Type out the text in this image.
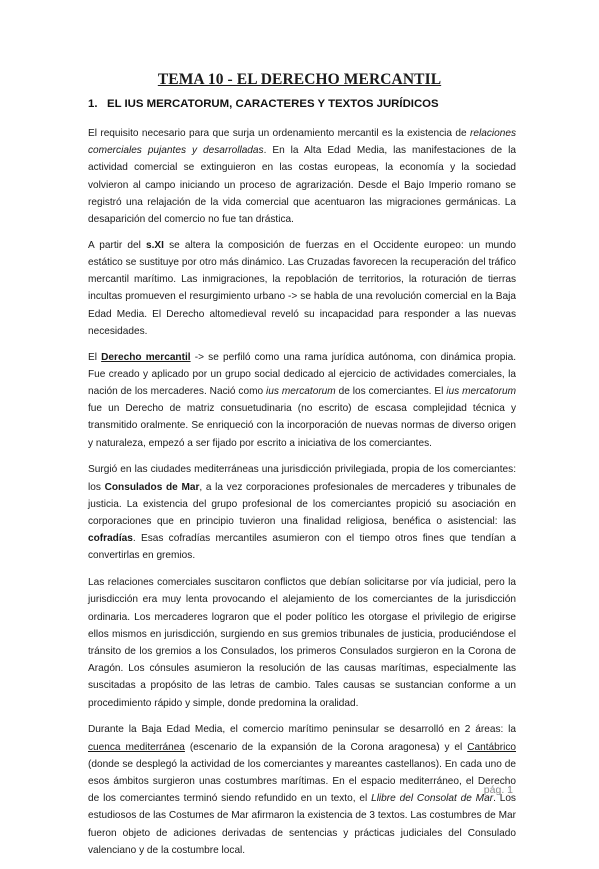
TEMA 10 - EL DERECHO MERCANTIL
1. EL IUS MERCATORUM, CARACTERES Y TEXTOS JURÍDICOS

El requisito necesario para que surja un ordenamiento mercantil es la existencia de relaciones comerciales pujantes y desarrolladas. En la Alta Edad Media, las manifestaciones de la actividad comercial se extinguieron en las costas europeas, la economía y la sociedad volvieron al campo iniciando un proceso de agrarización. Desde el Bajo Imperio romano se registró una relajación de la vida comercial que acentuaron las migraciones germánicas. La desaparición del comercio no fue tan drástica.

A partir del s.XI se altera la composición de fuerzas en el Occidente europeo: un mundo estático se sustituye por otro más dinámico. Las Cruzadas favorecen la recuperación del tráfico mercantil marítimo. Las inmigraciones, la repoblación de territorios, la roturación de tierras incultas promueven el resurgimiento urbano -> se habla de una revolución comercial en la Baja Edad Media. El Derecho altomedieval reveló su incapacidad para responder a las nuevas necesidades.

El Derecho mercantil -> se perfiló como una rama jurídica autónoma, con dinámica propia. Fue creado y aplicado por un grupo social dedicado al ejercicio de actividades comerciales, la nación de los mercaderes. Nació como ius mercatorum de los comerciantes. El ius mercatorum fue un Derecho de matriz consuetudinaria (no escrito) de escasa complejidad técnica y transmitido oralmente. Se enriqueció con la incorporación de nuevas normas de diverso origen y naturaleza, empezó a ser fijado por escrito a iniciativa de los comerciantes.

Surgió en las ciudades mediterráneas una jurisdicción privilegiada, propia de los comerciantes: los Consulados de Mar, a la vez corporaciones profesionales de mercaderes y tribunales de justicia. La existencia del grupo profesional de los comerciantes propició su asociación en corporaciones que en principio tuvieron una finalidad religiosa, benéfica o asistencial: las cofradías. Esas cofradías mercantiles asumieron con el tiempo otros fines que tendían a convertirlas en gremios.

Las relaciones comerciales suscitaron conflictos que debían solicitarse por vía judicial, pero la jurisdicción era muy lenta provocando el alejamiento de los comerciantes de la jurisdicción ordinaria. Los mercaderes lograron que el poder político les otorgase el privilegio de erigirse ellos mismos en jurisdicción, surgiendo en sus gremios tribunales de justicia, produciéndose el tránsito de los gremios a los Consulados, los primeros Consulados surgieron en la Corona de Aragón. Los cónsules asumieron la resolución de las causas marítimas, especialmente las suscitadas a propósito de las letras de cambio. Tales causas se sustancian conforme a un procedimiento rápido y simple, donde predomina la oralidad.

Durante la Baja Edad Media, el comercio marítimo peninsular se desarrolló en 2 áreas: la cuenca mediterránea (escenario de la expansión de la Corona aragonesa) y el Cantábrico (donde se desplegó la actividad de los comerciantes y mareantes castellanos). En cada uno de esos ámbitos surgieron unas costumbres marítimas. En el espacio mediterráneo, el Derecho de los comerciantes terminó siendo refundido en un texto, el Llibre del Consolat de Mar. Los estudiosos de las Costumes de Mar afirmaron la existencia de 3 textos. Las costumbres de Mar fueron objeto de adiciones derivadas de sentencias y prácticas judiciales del Consulado valenciano y de la costumbre local.

pág. 1
